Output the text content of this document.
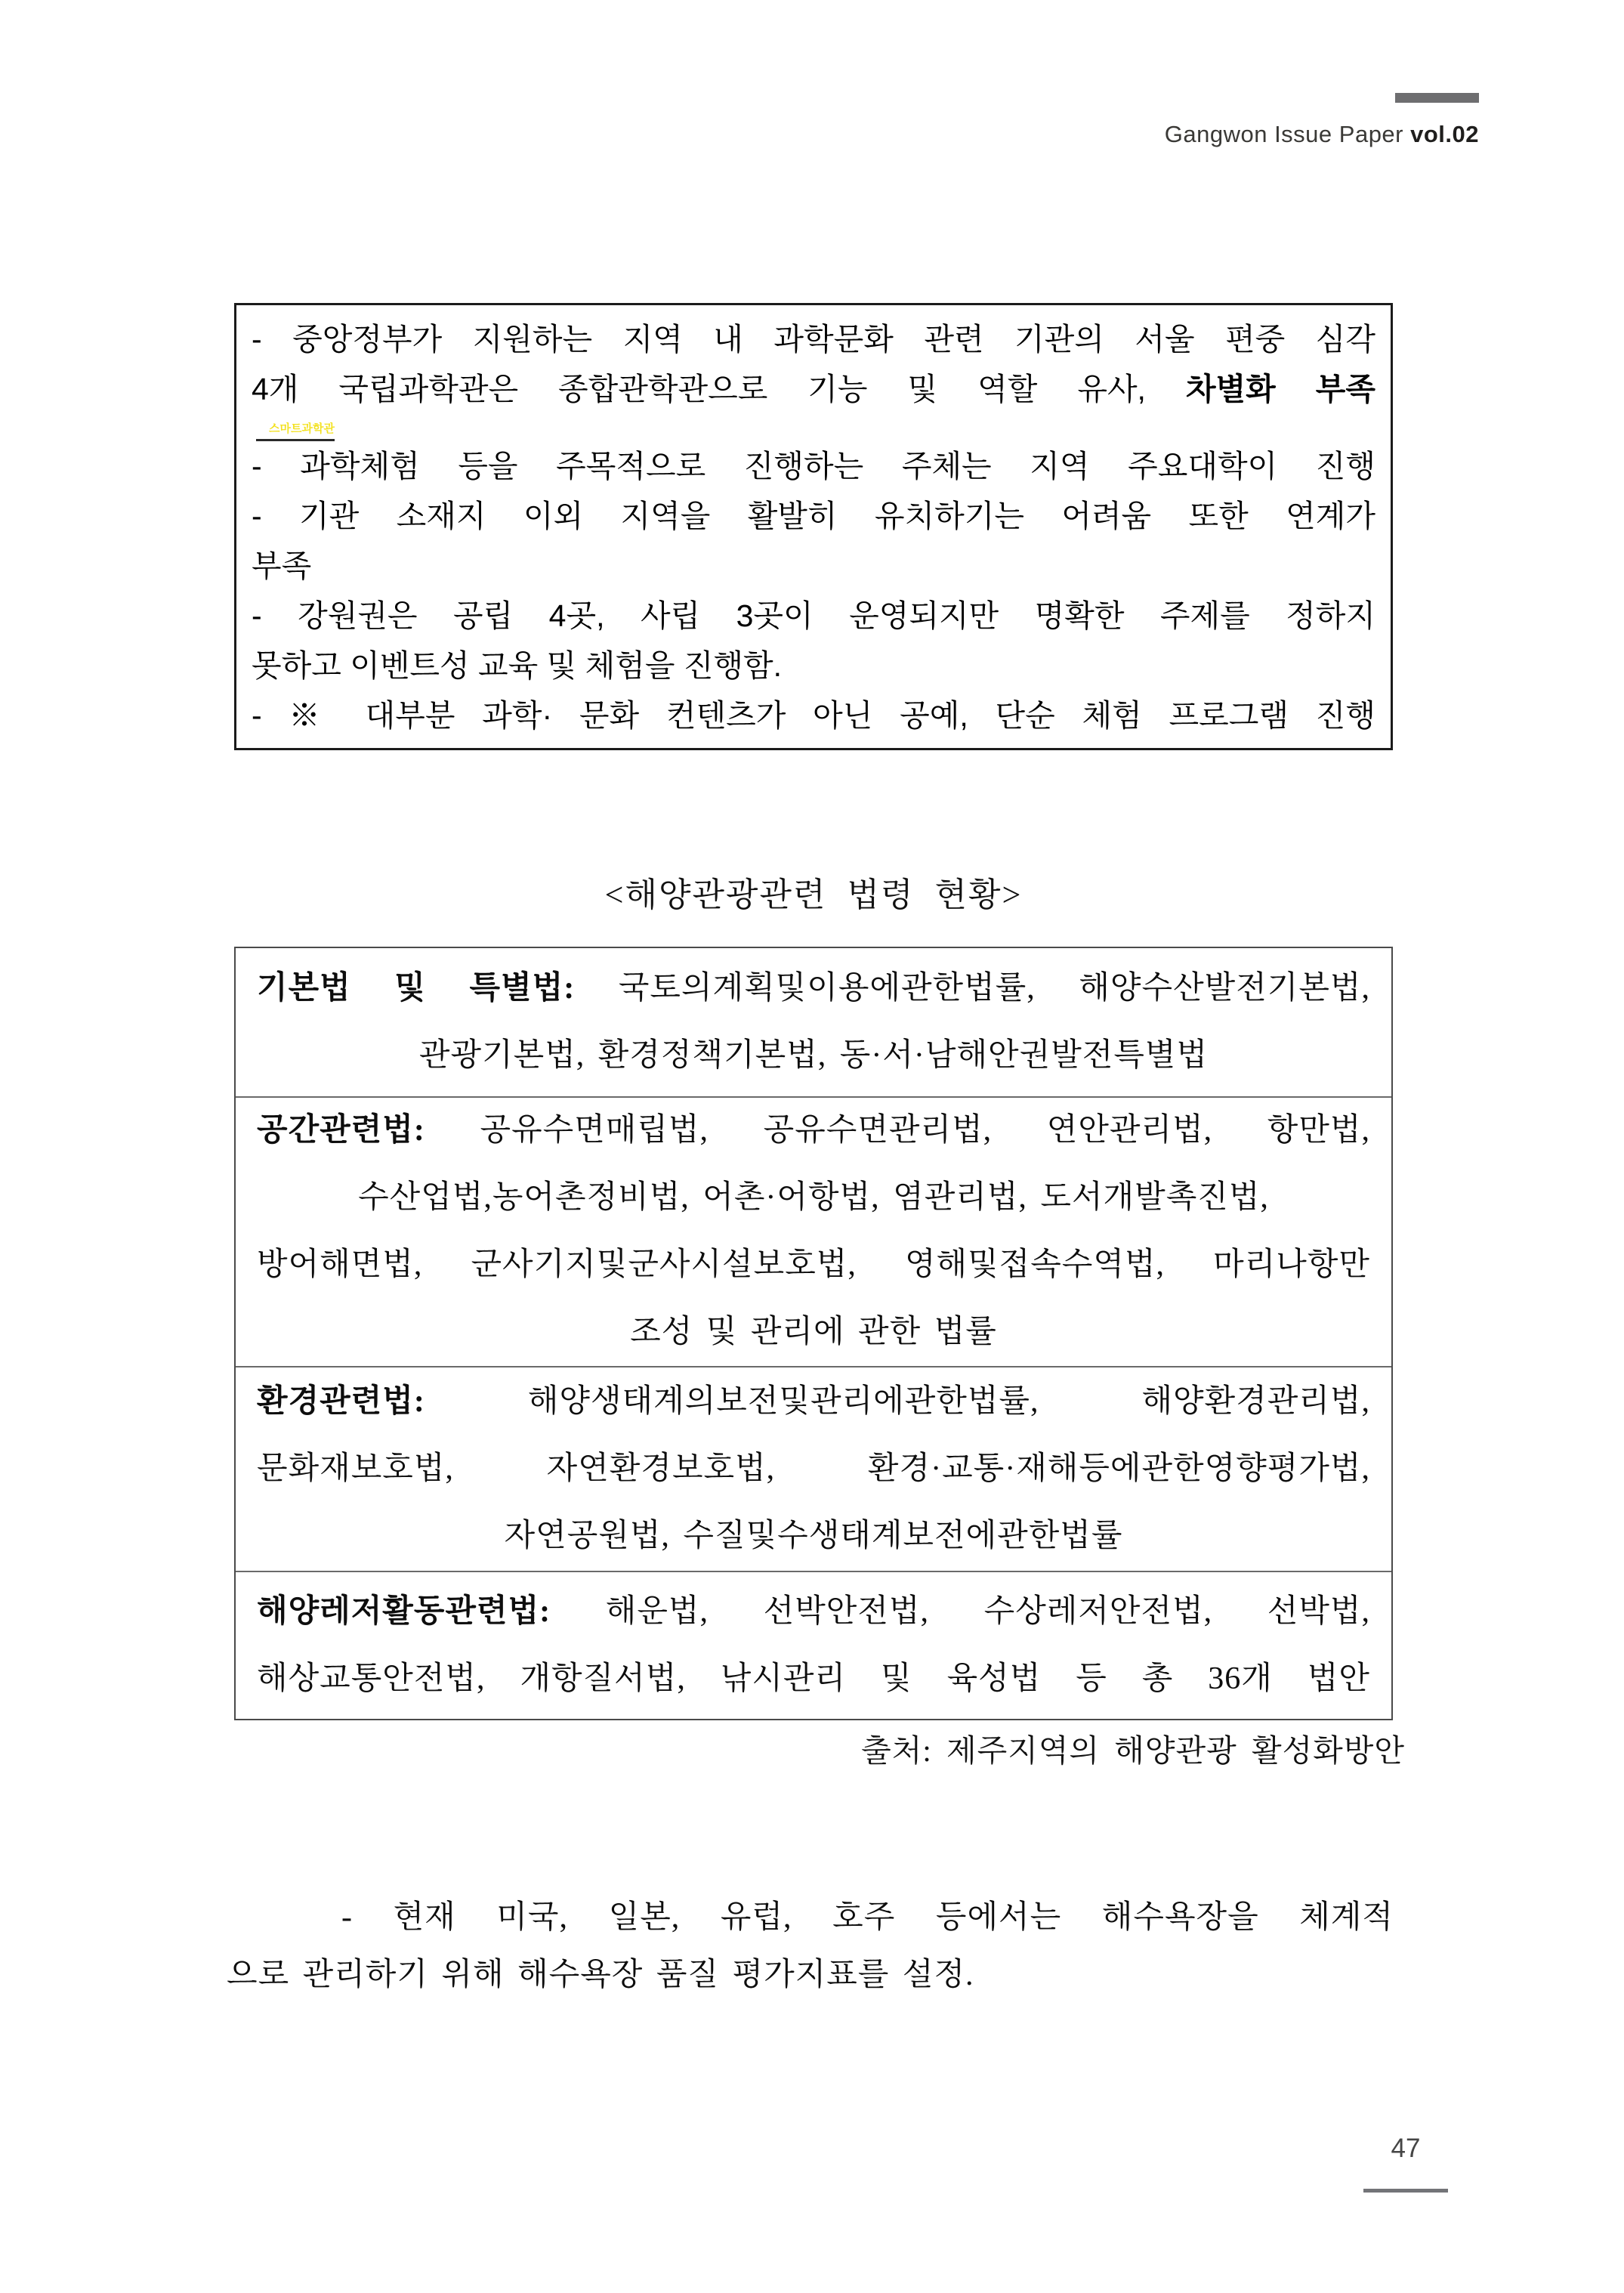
Gangwon Issue Paper vol.02
- 중앙정부가 지원하는 지역 내 과학문화 관련 기관의 서울 편중 심각
4개 국립과학관은 종합관학관으로 기능 및 역할 유사, 차별화 부족
스마트과학관
- 과학체험 등을 주목적으로 진행하는 주체는 지역 주요대학이 진행
- 기관 소재지 이외 지역을 활발히 유치하기는 어려움 또한 연계가
부족
- 강원권은 공립 4곳, 사립 3곳이 운영되지만 명확한 주제를 정하지
못하고 이벤트성 교육 및 체험을 진행함.
- ※ 대부분 과학· 문화 컨텐츠가 아닌 공예, 단순 체험 프로그램 진행
<해양관광관련 법령 현황>
기본법 및 특별법: 국토의계획및이용에관한법률, 해양수산발전기본법,
관광기본법, 환경정책기본법, 동·서·남해안권발전특별법
공간관련법: 공유수면매립법, 공유수면관리법, 연안관리법, 항만법,
수산업법,농어촌정비법, 어촌·어항법, 염관리법, 도서개발촉진법,
방어해면법, 군사기지및군사시설보호법, 영해및접속수역법, 마리나항만
조성 및 관리에 관한 법률
환경관련법:	해양생태계의보전및관리에관한법률, 해양환경관리법,
문화재보호법, 자연환경보호법, 환경·교통·재해등에관한영향평가법,
자연공원법, 수질및수생태계보전에관한법률
해양레저활동관련법: 해운법, 선박안전법, 수상레저안전법, 선박법,
해상교통안전법, 개항질서법, 낚시관리 및 육성법 등 총 36개 법안
출처: 제주지역의 해양관광 활성화방안
- 현재 미국, 일본, 유럽, 호주 등에서는 해수욕장을 체계적
으로 관리하기 위해 해수욕장 품질 평가지표를 설정.
47
